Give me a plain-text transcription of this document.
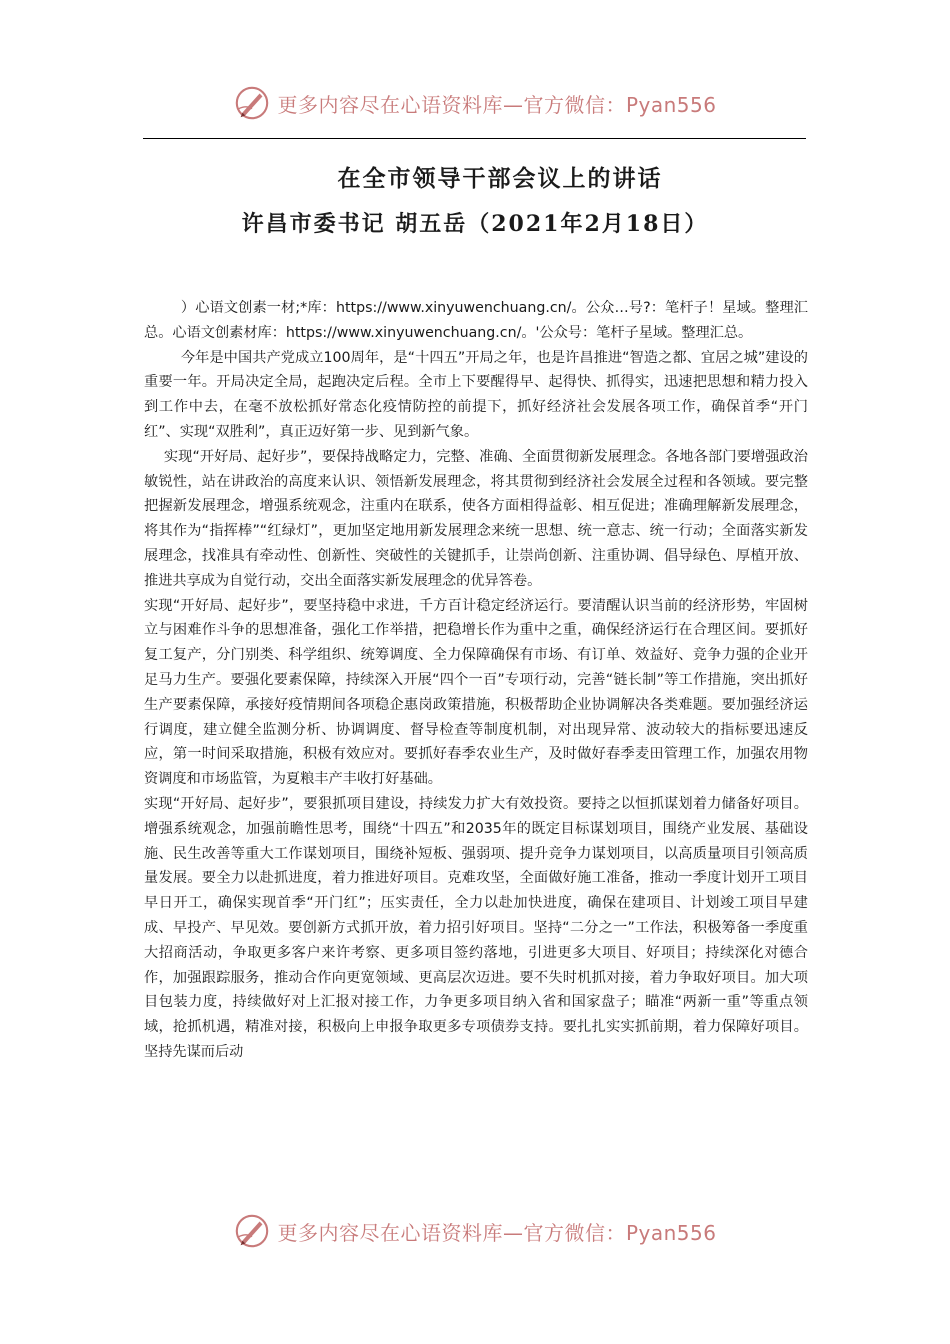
更多内容尽在心语资料库—官方微信：Pyan556
在全市领导干部会议上的讲话
许昌市委书记 胡五岳（2021年2月18日）

）心语文创素一材;*库：https://www.xinyuwenchuang.cn/。公众…号?：笔杆子！星域。整理汇总。心语文创素材库：https://www.xinyuwenchuang.cn/。'公众号：笔杆子星域。整理汇总。

今年是中国共产党成立100周年，是“十四五”开局之年，也是许昌推进“智造之都、宜居之城”建设的重要一年。开局决定全局，起跑决定后程。全市上下要醒得早、起得快、抓得实，迅速把思想和精力投入到工作中去，在毫不放松抓好常态化疫情防控的前提下，抓好经济社会发展各项工作，确保首季“开门红”、实现“双胜利”，真正迈好第一步、见到新气象。

实现“开好局、起好步”，要保持战略定力，完整、准确、全面贯彻新发展理念。各地各部门要增强政治敏锐性，站在讲政治的高度来认识、领悟新发展理念，将其贯彻到经济社会发展全过程和各领域。要完整把握新发展理念，增强系统观念，注重内在联系，使各方面相得益彰、相互促进；准确理解新发展理念，将其作为“指挥棒”“红绿灯”，更加坚定地用新发展理念来统一思想、统一意志、统一行动；全面落实新发展理念，找准具有牵动性、创新性、突破性的关键抓手，让崇尚创新、注重协调、倡导绿色、厚植开放、推进共享成为自觉行动，交出全面落实新发展理念的优异答卷。

实现“开好局、起好步”，要坚持稳中求进，千方百计稳定经济运行。要清醒认识当前的经济形势，牢固树立与困难作斗争的思想准备，强化工作举措，把稳增长作为重中之重，确保经济运行在合理区间。要抓好复工复产，分门别类、科学组织、统筹调度、全力保障确保有市场、有订单、效益好、竞争力强的企业开足马力生产。要强化要素保障，持续深入开展“四个一百”专项行动，完善“链长制”等工作措施，突出抓好生产要素保障，承接好疫情期间各项稳企惠岗政策措施，积极帮助企业协调解决各类难题。要加强经济运行调度，建立健全监测分析、协调调度、督导检查等制度机制，对出现异常、波动较大的指标要迅速反应，第一时间采取措施，积极有效应对。要抓好春季农业生产，及时做好春季麦田管理工作，加强农用物资调度和市场监管，为夏粮丰产丰收打好基础。

实现“开好局、起好步”，要狠抓项目建设，持续发力扩大有效投资。要持之以恒抓谋划着力储备好项目。增强系统观念，加强前瞻性思考，围绕“十四五”和2035年的既定目标谋划项目，围绕产业发展、基础设施、民生改善等重大工作谋划项目，围绕补短板、强弱项、提升竞争力谋划项目，以高质量项目引领高质量发展。要全力以赴抓进度，着力推进好项目。克难攻坚，全面做好施工准备，推动一季度计划开工项目早日开工，确保实现首季“开门红”；压实责任，全力以赴加快进度，确保在建项目、计划竣工项目早建成、早投产、早见效。要创新方式抓开放，着力招引好项目。坚持“二分之一”工作法，积极筹备一季度重大招商活动，争取更多客户来许考察、更多项目签约落地，引进更多大项目、好项目；持续深化对德合作，加强跟踪服务，推动合作向更宽领域、更高层次迈进。要不失时机抓对接，着力争取好项目。加大项目包装力度，持续做好对上汇报对接工作，力争更多项目纳入省和国家盘子；瞄准“两新一重”等重点领域，抢抓机遇，精准对接，积极向上申报争取更多专项债券支持。要扎扎实实抓前期，着力保障好项目。坚持先谋而后动

更多内容尽在心语资料库—官方微信：Pyan556
